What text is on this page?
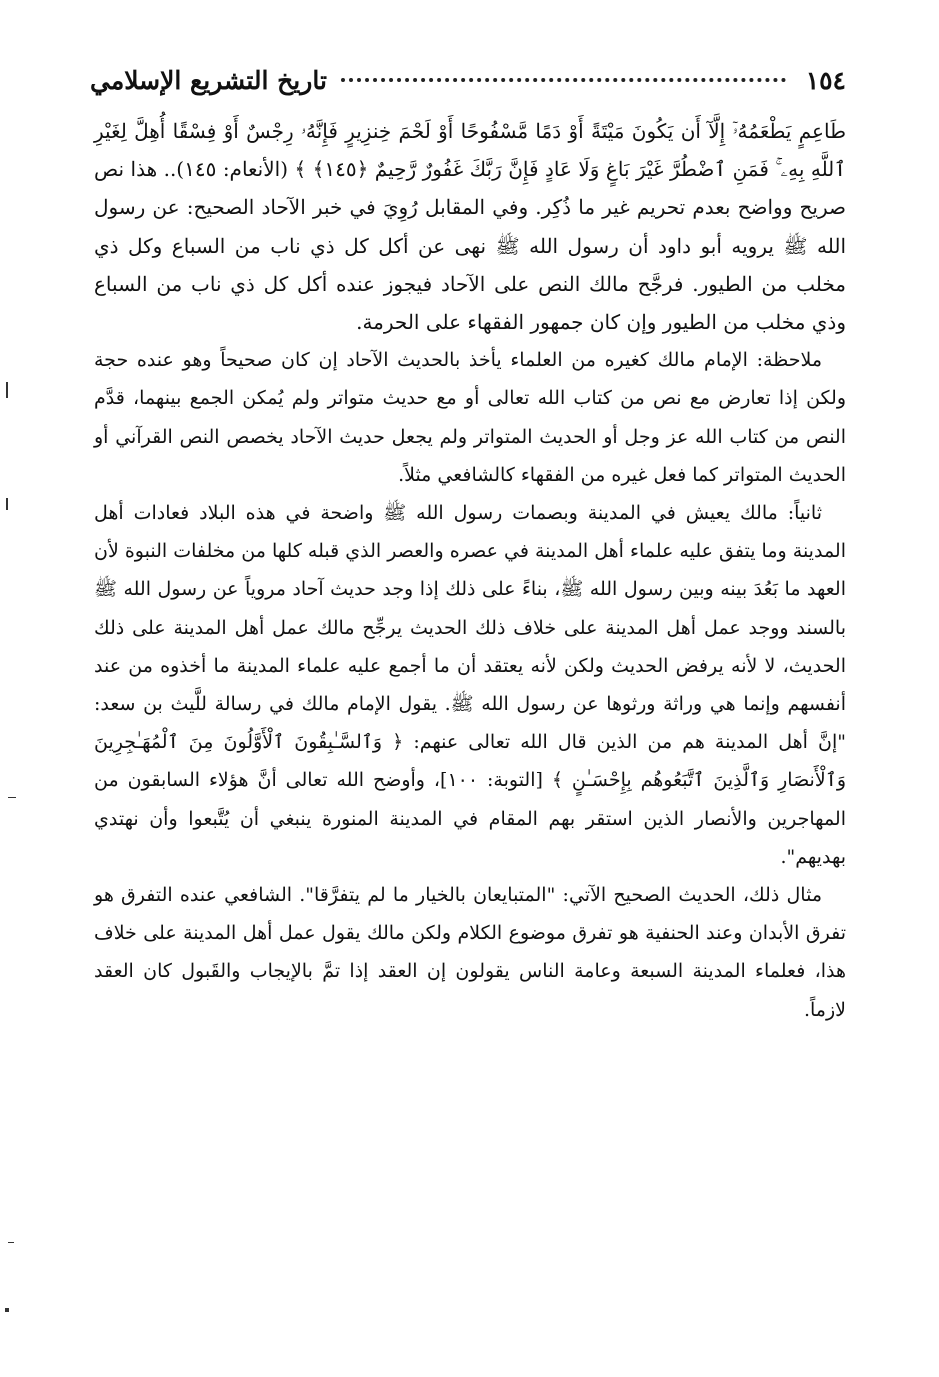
١٥٤
تاريخ التشريع الإسلامي

طَاعِمٍ يَطْعَمُهُۥٓ إِلَّآ أَن يَكُونَ مَيْتَةً أَوْ دَمًا مَّسْفُوحًا أَوْ لَحْمَ خِنزِيرٍ فَإِنَّهُۥ رِجْسٌ أَوْ فِسْقًا أُهِلَّ لِغَيْرِ ٱللَّهِ بِهِۦ ۚ فَمَنِ ٱضْطُرَّ غَيْرَ بَاغٍ وَلَا عَادٍ فَإِنَّ رَبَّكَ غَفُورٌ رَّحِيمٌ ﴿١٤٥﴾ ﴾ (الأنعام: ١٤٥).. هذا نص صريح وواضح بعدم تحريم غير ما ذُكِر. وفي المقابل رُوِيَ في خبر الآحاد الصحيح: عن رسول الله ﷺ يرويه أبو داود أن رسول الله ﷺ نهى عن أكل كل ذي ناب من السباع وكل ذي مخلب من الطيور. فرجَّح مالك النص على الآحاد فيجوز عنده أكل كل ذي ناب من السباع وذي مخلب من الطيور وإن كان جمهور الفقهاء على الحرمة.

ملاحظة: الإمام مالك كغيره من العلماء يأخذ بالحديث الآحاد إن كان صحيحاً وهو عنده حجة ولكن إذا تعارض مع نص من كتاب الله تعالى أو مع حديث متواتر ولم يُمكن الجمع بينهما، قدَّم النص من كتاب الله عز وجل أو الحديث المتواتر ولم يجعل حديث الآحاد يخصص النص القرآني أو الحديث المتواتر كما فعل غيره من الفقهاء كالشافعي مثلاً.

ثانياً: مالك يعيش في المدينة وبصمات رسول الله ﷺ واضحة في هذه البلاد فعادات أهل المدينة وما يتفق عليه علماء أهل المدينة في عصره والعصر الذي قبله كلها من مخلفات النبوة لأن العهد ما بَعُدَ بينه وبين رسول الله ﷺ، بناءً على ذلك إذا وجد حديث آحاد مروياً عن رسول الله ﷺ بالسند ووجد عمل أهل المدينة على خلاف ذلك الحديث يرجِّح مالك عمل أهل المدينة على ذلك الحديث، لا لأنه يرفض الحديث ولكن لأنه يعتقد أن ما أجمع عليه علماء المدينة ما أخذوه من عند أنفسهم وإنما هي وراثة ورثوها عن رسول الله ﷺ. يقول الإمام مالك في رسالة للَّيث بن سعد: "إنَّ أهل المدينة هم من الذين قال الله تعالى عنهم: ﴿ وَٱلسَّـٰبِقُونَ ٱلْأَوَّلُونَ مِنَ ٱلْمُهَـٰجِرِينَ وَٱلْأَنصَارِ وَٱلَّذِينَ ٱتَّبَعُوهُم بِإِحْسَـٰنٍ ﴾ [التوبة: ١٠٠]، وأوضح الله تعالى أنَّ هؤلاء السابقون من المهاجرين والأنصار الذين استقر بهم المقام في المدينة المنورة ينبغي أن يُتَّبعوا وأن نهتدي بهديهم".

مثال ذلك، الحديث الصحيح الآتي: "المتبايعان بالخيار ما لم يتفرَّقا". الشافعي عنده التفرق هو تفرق الأبدان وعند الحنفية هو تفرق موضوع الكلام ولكن مالك يقول عمل أهل المدينة على خلاف هذا، فعلماء المدينة السبعة وعامة الناس يقولون إن العقد إذا تمَّ بالإيجاب والقَبول كان العقد لازماً.
